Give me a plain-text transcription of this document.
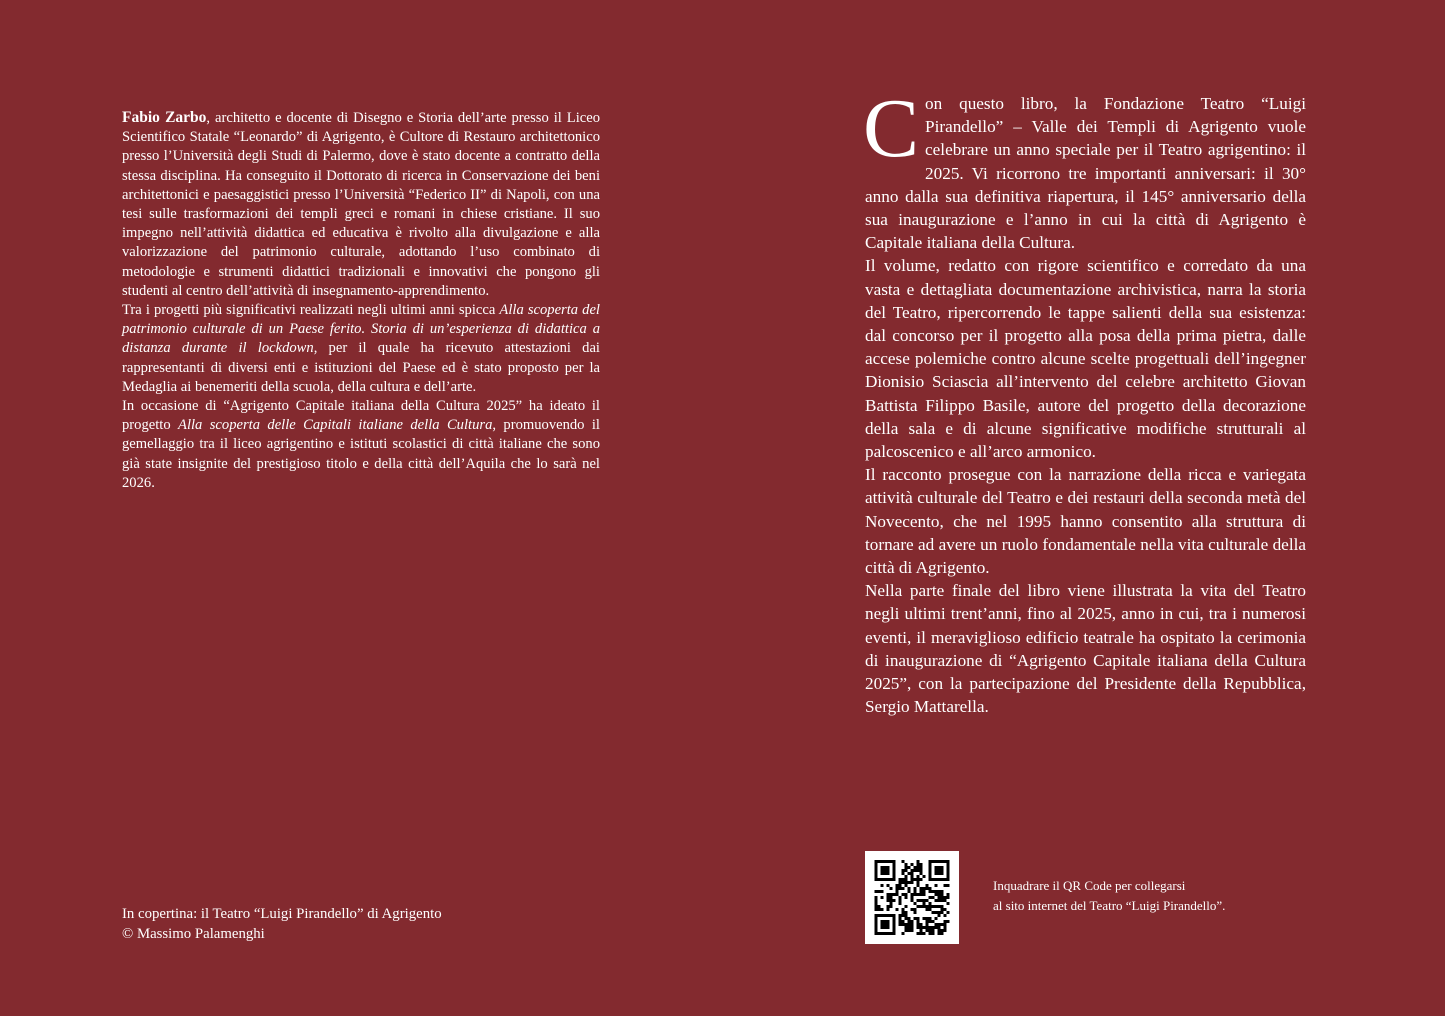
Fabio Zarbo, architetto e docente di Disegno e Storia dell’arte presso il Liceo Scientifico Statale “Leonardo” di Agrigento, è Cultore di Restauro architettonico presso l’Università degli Studi di Palermo, dove è stato docente a contratto della stessa disciplina. Ha conseguito il Dottorato di ricerca in Conservazione dei beni architettonici e paesaggistici presso l’Università “Federico II” di Napoli, con una tesi sulle trasformazioni dei templi greci e romani in chiese cristiane. Il suo impegno nell’attività didattica ed educativa è rivolto alla divulgazione e alla valorizzazione del patrimonio culturale, adottando l’uso combinato di metodologie e strumenti didattici tradizionali e innovativi che pongono gli studenti al centro dell’attività di insegnamento-apprendimento.

Tra i progetti più significativi realizzati negli ultimi anni spicca Alla scoperta del patrimonio culturale di un Paese ferito. Storia di un’esperienza di didattica a distanza durante il lockdown, per il quale ha ricevuto attestazioni dai rappresentanti di diversi enti e istituzioni del Paese ed è stato proposto per la Medaglia ai benemeriti della scuola, della cultura e dell’arte.

In occasione di “Agrigento Capitale italiana della Cultura 2025” ha ideato il progetto Alla scoperta delle Capitali italiane della Cultura, promuovendo il gemellaggio tra il liceo agrigentino e istituti scolastici di città italiane che sono già state insignite del prestigioso titolo e della città dell’Aquila che lo sarà nel 2026.

Con questo libro, la Fondazione Teatro “Luigi Pirandello” – Valle dei Templi di Agrigento vuole celebrare un anno speciale per il Teatro agrigentino: il 2025. Vi ricorrono tre importanti anniversari: il 30° anno dalla sua definitiva riapertura, il 145° anniversario della sua inaugurazione e l’anno in cui la città di Agrigento è Capitale italiana della Cultura.

Il volume, redatto con rigore scientifico e corredato da una vasta e dettagliata documentazione archivistica, narra la storia del Teatro, ripercorrendo le tappe salienti della sua esistenza: dal concorso per il progetto alla posa della prima pietra, dalle accese polemiche contro alcune scelte progettuali dell’ingegner Dionisio Sciascia all’intervento del celebre architetto Giovan Battista Filippo Basile, autore del progetto della decorazione della sala e di alcune significative modifiche strutturali al palcoscenico e all’arco armonico.

Il racconto prosegue con la narrazione della ricca e variegata attività culturale del Teatro e dei restauri della seconda metà del Novecento, che nel 1995 hanno consentito alla struttura di tornare ad avere un ruolo fondamentale nella vita culturale della città di Agrigento.

Nella parte finale del libro viene illustrata la vita del Teatro negli ultimi trent’anni, fino al 2025, anno in cui, tra i numerosi eventi, il meraviglioso edificio teatrale ha ospitato la cerimonia di inaugurazione di “Agrigento Capitale italiana della Cultura 2025”, con la partecipazione del Presidente della Repubblica, Sergio Mattarella.

In copertina: il Teatro “Luigi Pirandello” di Agrigento

© Massimo Palamenghi

Inquadrare il QR Code per collegarsi

al sito internet del Teatro “Luigi Pirandello”.
